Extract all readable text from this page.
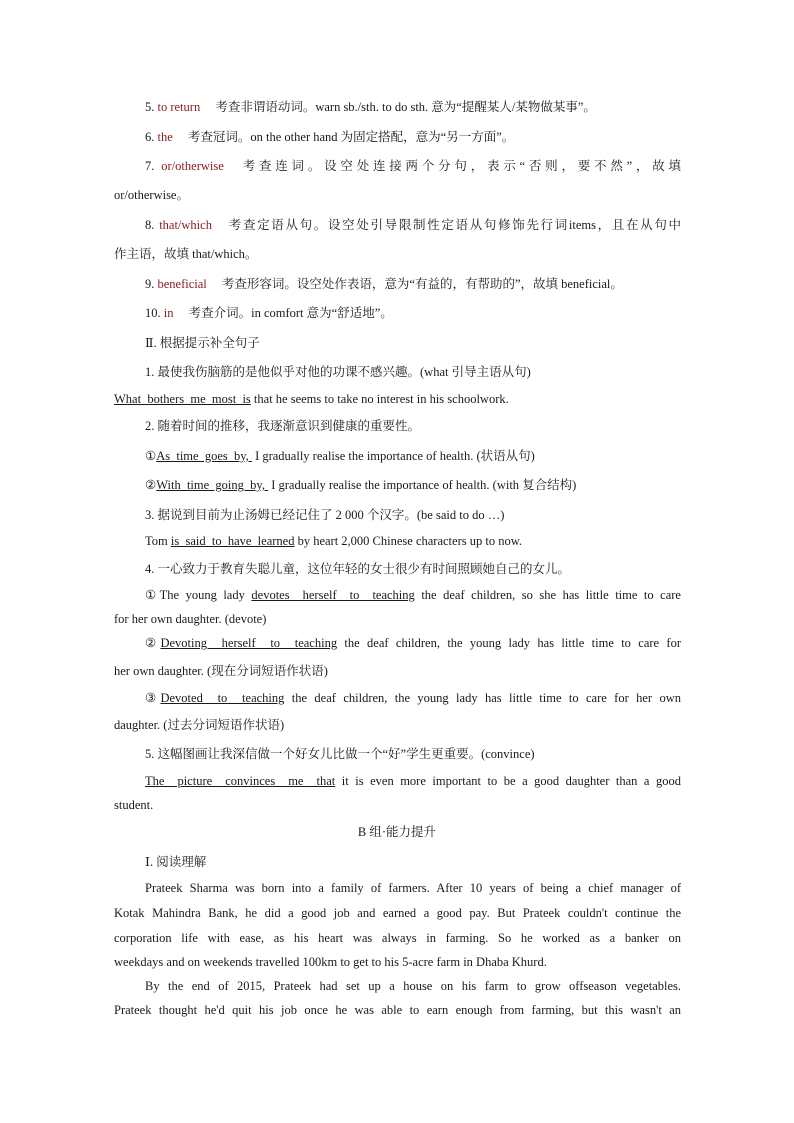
5. to return 考查非谓语动词。warn sb./sth. to do sth. 意为“提醒某人/某物做某事”。
6. the 考查冠词。on the other hand 为固定搭配，意为“另一方面”。
7. or/otherwise 考查连词。设空处连接两个分句，表示“否则，要不然”，故填
or/otherwise。
8. that/which 考查定语从句。设空处引导限制性定语从句修饰先行词items，且在从句中
作主语，故填 that/which。
9. beneficial 考查形容词。设空处作表语，意为“有益的，有帮助的”，故填 beneficial。
10. in 考查介词。in comfort 意为“舒适地”。
Ⅱ. 根据提示补全句子
1. 最使我伤脑筋的是他似乎对他的功课不感兴趣。(what 引导主语从句)
What  bothers  me  most  is that he seems to take no interest in his schoolwork.
2. 随着时间的推移，我逐渐意识到健康的重要性。
①As  time  goes  by,  I gradually realise the importance of health. (状语从句)
②With  time  going  by,  I gradually realise the importance of health. (with 复合结构)
3. 据说到目前为止汤姆已经记住了 2 000 个汉字。(be said to do …)
Tom is  said  to  have  learned by heart 2,000 Chinese characters up to now.
4. 一心致力于教育失聪儿童，这位年轻的女士很少有时间照顾她自己的女儿。
①The young lady devotes  herself  to  teaching the deaf children, so she has little time to care
for her own daughter. (devote)
②Devoting  herself  to  teaching the deaf children, the young lady has little time to care for
her own daughter. (现在分词短语作状语)
③Devoted  to  teaching the deaf children, the young lady has little time to care for her own
daughter. (过去分词短语作状语)
5. 这幅图画让我深信做一个好女儿比做一个“好”学生更重要。(convince)
The  picture  convinces  me  that it is even more important to be a good daughter than a good
student.
B 组·能力提升
Ⅰ. 阅读理解
Prateek Sharma was born into a family of farmers. After 10 years of being a chief manager of
Kotak Mahindra Bank, he did a good job and earned a good pay. But Prateek couldn't continue the
corporation life with ease, as his heart was always in farming. So he worked as a banker on
weekdays and on weekends travelled 100km to get to his 5-acre farm in Dhaba Khurd.
By the end of 2015, Prateek had set up a house on his farm to grow offseason vegetables.
Prateek thought he'd quit his job once he was able to earn enough from farming, but this wasn't an
